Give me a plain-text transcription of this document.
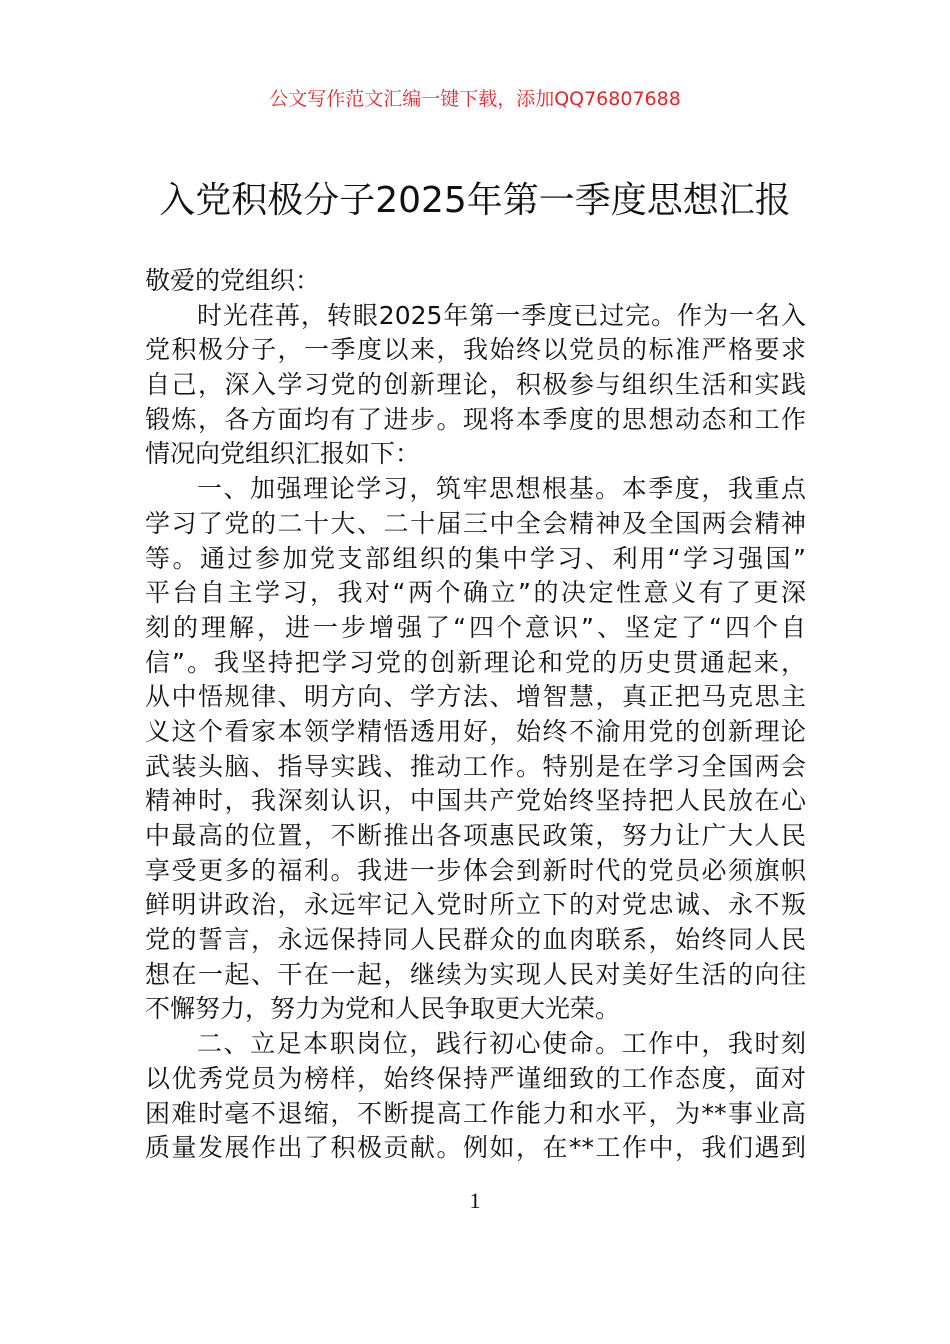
公文写作范文汇编一键下载，添加QQ76807688
入党积极分子2025年第一季度思想汇报
敬爱的党组织：
时光荏苒，转眼2025年第一季度已过完。作为一名入
党积极分子，一季度以来，我始终以党员的标准严格要求
自己，深入学习党的创新理论，积极参与组织生活和实践
锻炼，各方面均有了进步。现将本季度的思想动态和工作
情况向党组织汇报如下：
一、加强理论学习，筑牢思想根基。本季度，我重点
学习了党的二十大、二十届三中全会精神及全国两会精神
等。通过参加党支部组织的集中学习、利用“学习强国”
平台自主学习，我对“两个确立”的决定性意义有了更深
刻的理解，进一步增强了“四个意识”、坚定了“四个自
信”。我坚持把学习党的创新理论和党的历史贯通起来，
从中悟规律、明方向、学方法、增智慧，真正把马克思主
义这个看家本领学精悟透用好，始终不渝用党的创新理论
武装头脑、指导实践、推动工作。特别是在学习全国两会
精神时，我深刻认识，中国共产党始终坚持把人民放在心
中最高的位置，不断推出各项惠民政策，努力让广大人民
享受更多的福利。我进一步体会到新时代的党员必须旗帜
鲜明讲政治，永远牢记入党时所立下的对党忠诚、永不叛
党的誓言，永远保持同人民群众的血肉联系，始终同人民
想在一起、干在一起，继续为实现人民对美好生活的向往
不懈努力，努力为党和人民争取更大光荣。
二、立足本职岗位，践行初心使命。工作中，我时刻
以优秀党员为榜样，始终保持严谨细致的工作态度，面对
困难时毫不退缩，不断提高工作能力和水平，为**事业高
质量发展作出了积极贡献。例如，在**工作中，我们遇到
1
